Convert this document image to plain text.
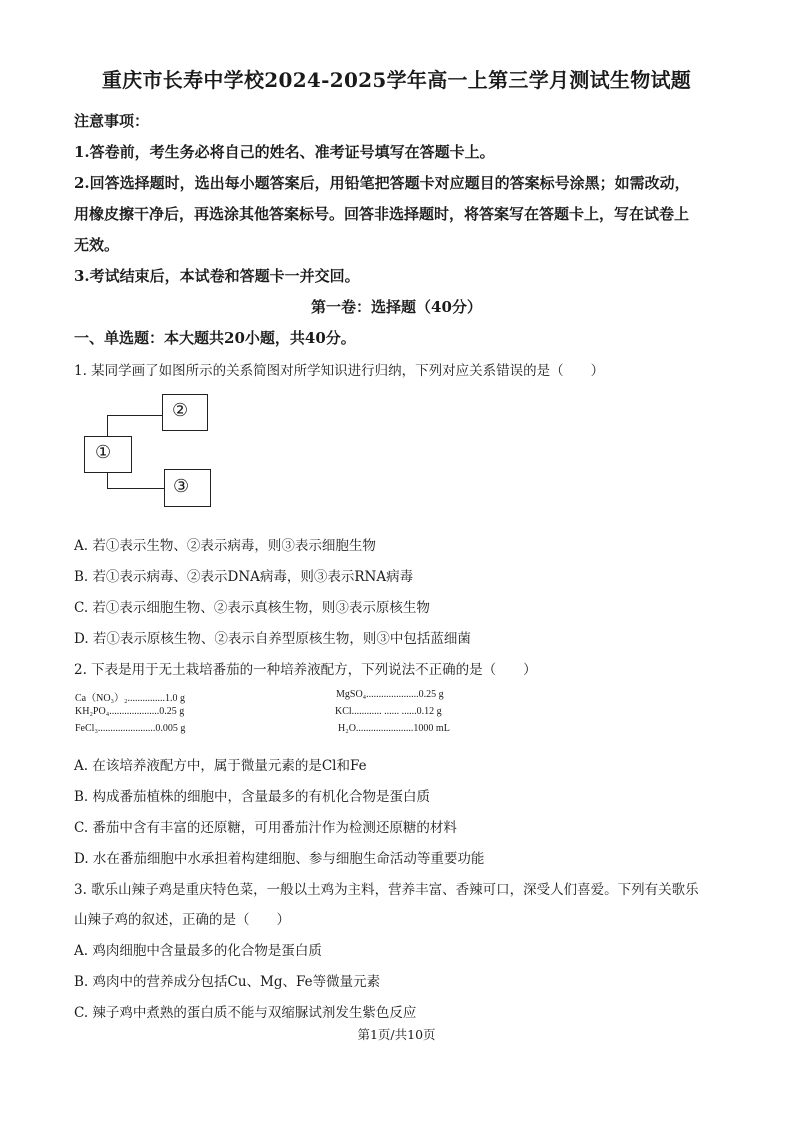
重庆市长寿中学校2024-2025学年高一上第三学月测试生物试题
注意事项：
1.答卷前，考生务必将自己的姓名、准考证号填写在答题卡上。
2.回答选择题时，选出每小题答案后，用铅笔把答题卡对应题目的答案标号涂黑；如需改动，
用橡皮擦干净后，再选涂其他答案标号。回答非选择题时，将答案写在答题卡上，写在试卷上
无效。
3.考试结束后，本试卷和答题卡一并交回。
第一卷：选择题（40分）
一、单选题：本大题共20小题，共40分。
1. 某同学画了如图所示的关系简图对所学知识进行归纳，下列对应关系错误的是（　　）
②
①
③
A. 若①表示生物、②表示病毒，则③表示细胞生物
B. 若①表示病毒、②表示DNA病毒，则③表示RNA病毒
C. 若①表示细胞生物、②表示真核生物，则③表示原核生物
D. 若①表示原核生物、②表示自养型原核生物，则③中包括蓝细菌
2. 下表是用于无土栽培番茄的一种培养液配方，下列说法不正确的是（　　）
Ca（NO₃）₂...............1.0 g
KH₂PO₄....................0.25 g
FeCl₃.......................0.005 g
MgSO₄.....................0.25 g
KCl............ ...... ......0.12 g
H₂O.......................1000 mL
A. 在该培养液配方中，属于微量元素的是Cl和Fe
B. 构成番茄植株的细胞中，含量最多的有机化合物是蛋白质
C. 番茄中含有丰富的还原糖，可用番茄汁作为检测还原糖的材料
D. 水在番茄细胞中水承担着构建细胞、参与细胞生命活动等重要功能
3. 歌乐山辣子鸡是重庆特色菜，一般以土鸡为主料，营养丰富、香辣可口，深受人们喜爱。下列有关歌乐
山辣子鸡的叙述，正确的是（　　）
A. 鸡肉细胞中含量最多的化合物是蛋白质
B. 鸡肉中的营养成分包括Cu、Mg、Fe等微量元素
C. 辣子鸡中煮熟的蛋白质不能与双缩脲试剂发生紫色反应
第1页/共10页
